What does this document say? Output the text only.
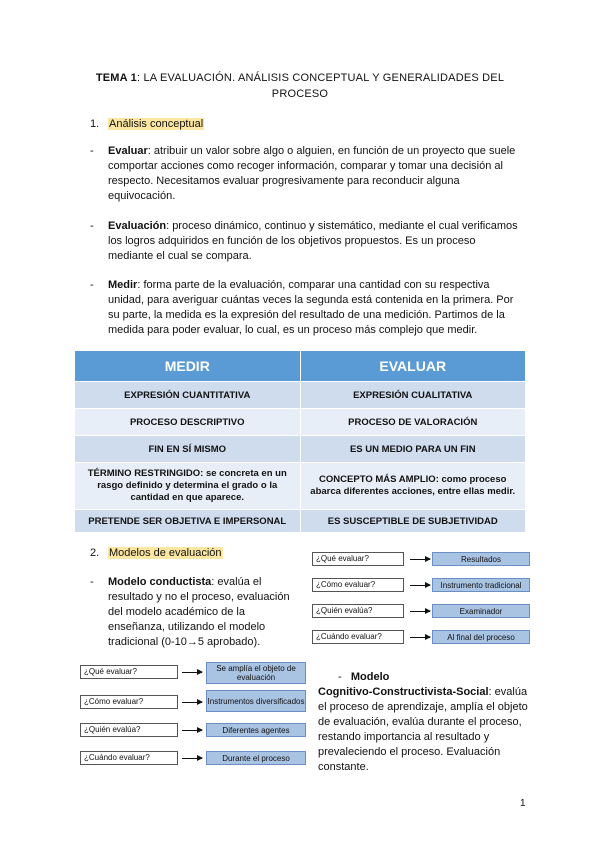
TEMA 1: LA EVALUACIÓN. ANÁLISIS CONCEPTUAL Y GENERALIDADES DEL PROCESO
1. Análisis conceptual
- Evaluar: atribuir un valor sobre algo o alguien, en función de un proyecto que suele comportar acciones como recoger información, comparar y tomar una decisión al respecto. Necesitamos evaluar progresivamente para reconducir alguna equivocación.
- Evaluación: proceso dinámico, continuo y sistemático, mediante el cual verificamos los logros adquiridos en función de los objetivos propuestos. Es un proceso mediante el cual se compara.
- Medir: forma parte de la evaluación, comparar una cantidad con su respectiva unidad, para averiguar cuántas veces la segunda está contenida en la primera. Por su parte, la medida es la expresión del resultado de una medición. Partimos de la medida para poder evaluar, lo cual, es un proceso más complejo que medir.
MEDIR	EVALUAR
EXPRESIÓN CUANTITATIVA	EXPRESIÓN CUALITATIVA
PROCESO DESCRIPTIVO	PROCESO DE VALORACIÓN
FIN EN SÍ MISMO	ES UN MEDIO PARA UN FIN
TÉRMINO RESTRINGIDO: se concreta en un rasgo definido y determina el grado o la cantidad en que aparece.	CONCEPTO MÁS AMPLIO: como proceso abarca diferentes acciones, entre ellas medir.
PRETENDE SER OBJETIVA E IMPERSONAL	ES SUSCEPTIBLE DE SUBJETIVIDAD
2. Modelos de evaluación
- Modelo conductista: evalúa el resultado y no el proceso, evaluación del modelo académico de la enseñanza, utilizando el modelo tradicional (0-10→5 aprobado).
¿Qué evaluar?	Resultados
¿Cómo evaluar?	Instrumento tradicional
¿Quién evalúa?	Examinador
¿Cuándo evaluar?	Al final del proceso
¿Qué evaluar?	Se amplía el objeto de evaluación
¿Cómo evaluar?	Instrumentos diversificados
¿Quién evalúa?	Diferentes agentes
¿Cuándo evaluar?	Durante el proceso
- Modelo
Cognitivo-Constructivista-Social: evalúa el proceso de aprendizaje, amplía el objeto de evaluación, evalúa durante el proceso, restando importancia al resultado y prevaleciendo el proceso. Evaluación constante.
1
